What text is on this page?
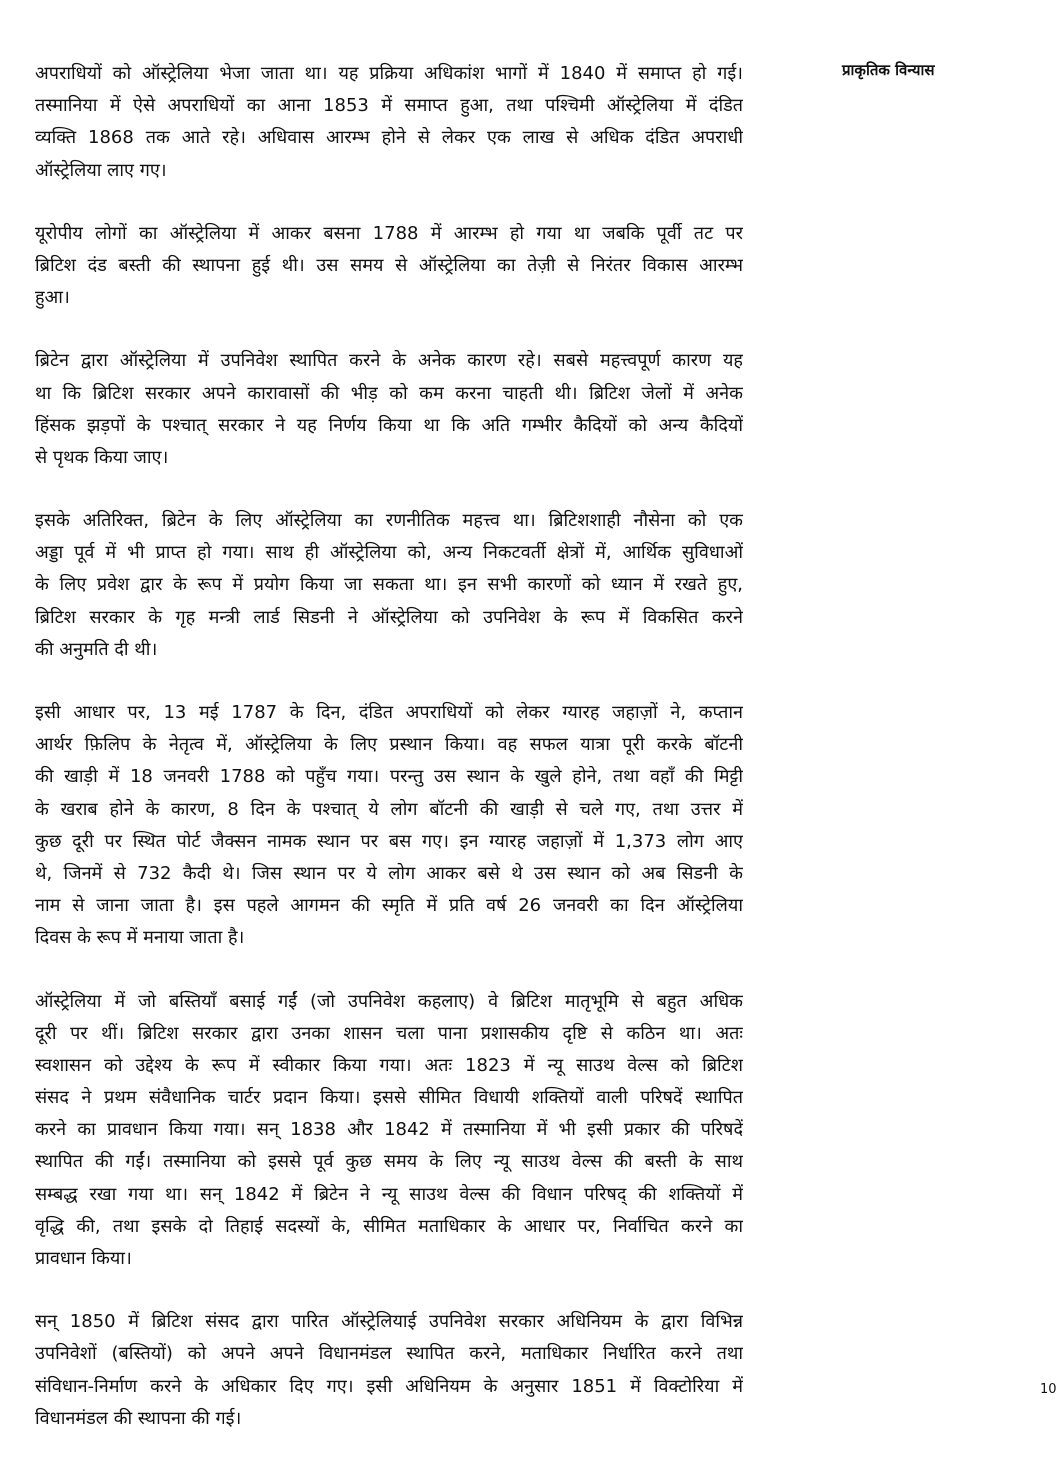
प्राकृतिक विन्यास
अपराधियों को ऑस्ट्रेलिया भेजा जाता था। यह प्रक्रिया अधिकांश भागों में 1840 में समाप्त हो गई।
तस्मानिया में ऐसे अपराधियों का आना 1853 में समाप्त हुआ, तथा पश्चिमी ऑस्ट्रेलिया में दंडित
व्यक्ति 1868 तक आते रहे। अधिवास आरम्भ होने से लेकर एक लाख से अधिक दंडित अपराधी
ऑस्ट्रेलिया लाए गए।
यूरोपीय लोगों का ऑस्ट्रेलिया में आकर बसना 1788 में आरम्भ हो गया था जबकि पूर्वी तट पर
ब्रिटिश दंड बस्ती की स्थापना हुई थी। उस समय से ऑस्ट्रेलिया का तेज़ी से निरंतर विकास आरम्भ
हुआ।
ब्रिटेन द्वारा ऑस्ट्रेलिया में उपनिवेश स्थापित करने के अनेक कारण रहे। सबसे महत्त्वपूर्ण कारण यह
था कि ब्रिटिश सरकार अपने कारावासों की भीड़ को कम करना चाहती थी। ब्रिटिश जेलों में अनेक
हिंसक झड़पों के पश्चात् सरकार ने यह निर्णय किया था कि अति गम्भीर कैदियों को अन्य कैदियों
से पृथक किया जाए।
इसके अतिरिक्त, ब्रिटेन के लिए ऑस्ट्रेलिया का रणनीतिक महत्त्व था। ब्रिटिशशाही नौसेना को एक
अड्डा पूर्व में भी प्राप्त हो गया। साथ ही ऑस्ट्रेलिया को, अन्य निकटवर्ती क्षेत्रों में, आर्थिक सुविधाओं
के लिए प्रवेश द्वार के रूप में प्रयोग किया जा सकता था। इन सभी कारणों को ध्यान में रखते हुए,
ब्रिटिश सरकार के गृह मन्त्री लार्ड सिडनी ने ऑस्ट्रेलिया को उपनिवेश के रूप में विकसित करने
की अनुमति दी थी।
इसी आधार पर, 13 मई 1787 के दिन, दंडित अपराधियों को लेकर ग्यारह जहाज़ों ने, कप्तान
आर्थर फ़िलिप के नेतृत्व में, ऑस्ट्रेलिया के लिए प्रस्थान किया। वह सफल यात्रा पूरी करके बॉटनी
की खाड़ी में 18 जनवरी 1788 को पहुँच गया। परन्तु उस स्थान के खुले होने, तथा वहाँ की मिट्टी
के खराब होने के कारण, 8 दिन के पश्चात् ये लोग बॉटनी की खाड़ी से चले गए, तथा उत्तर में
कुछ दूरी पर स्थित पोर्ट जैक्सन नामक स्थान पर बस गए। इन ग्यारह जहाज़ों में 1,373 लोग आए
थे, जिनमें से 732 कैदी थे। जिस स्थान पर ये लोग आकर बसे थे उस स्थान को अब सिडनी के
नाम से जाना जाता है। इस पहले आगमन की स्मृति में प्रति वर्ष 26 जनवरी का दिन ऑस्ट्रेलिया
दिवस के रूप में मनाया जाता है।
ऑस्ट्रेलिया में जो बस्तियाँ बसाई गईं (जो उपनिवेश कहलाए) वे ब्रिटिश मातृभूमि से बहुत अधिक
दूरी पर थीं। ब्रिटिश सरकार द्वारा उनका शासन चला पाना प्रशासकीय दृष्टि से कठिन था। अतः
स्वशासन को उद्देश्य के रूप में स्वीकार किया गया। अतः 1823 में न्यू साउथ वेल्स को ब्रिटिश
संसद ने प्रथम संवैधानिक चार्टर प्रदान किया। इससे सीमित विधायी शक्तियों वाली परिषदें स्थापित
करने का प्रावधान किया गया। सन् 1838 और 1842 में तस्मानिया में भी इसी प्रकार की परिषदें
स्थापित की गईं। तस्मानिया को इससे पूर्व कुछ समय के लिए न्यू साउथ वेल्स की बस्ती के साथ
सम्बद्ध रखा गया था। सन् 1842 में ब्रिटेन ने न्यू साउथ वेल्स की विधान परिषद् की शक्तियों में
वृद्धि की, तथा इसके दो तिहाई सदस्यों के, सीमित मताधिकार के आधार पर, निर्वाचित करने का
प्रावधान किया।
सन् 1850 में ब्रिटिश संसद द्वारा पारित ऑस्ट्रेलियाई उपनिवेश सरकार अधिनियम के द्वारा विभिन्न
उपनिवेशों (बस्तियों) को अपने अपने विधानमंडल स्थापित करने, मताधिकार निर्धारित करने तथा
संविधान-निर्माण करने के अधिकार दिए गए। इसी अधिनियम के अनुसार 1851 में विक्टोरिया में
विधानमंडल की स्थापना की गई।
10
